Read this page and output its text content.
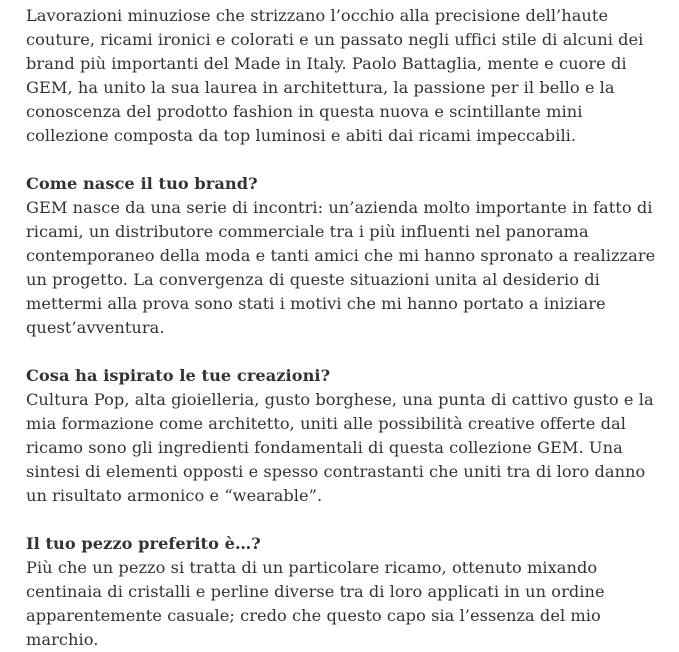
Lavorazioni minuziose che strizzano l’occhio alla precisione dell’haute couture, ricami ironici e colorati e un passato negli uffici stile di alcuni dei brand più importanti del Made in Italy. Paolo Battaglia, mente e cuore di GEM, ha unito la sua laurea in architettura, la passione per il bello e la conoscenza del prodotto fashion in questa nuova e scintillante mini collezione composta da top luminosi e abiti dai ricami impeccabili.

Come nasce il tuo brand?
GEM nasce da una serie di incontri: un’azienda molto importante in fatto di ricami, un distributore commerciale tra i più influenti nel panorama contemporaneo della moda e tanti amici che mi hanno spronato a realizzare un progetto. La convergenza di queste situazioni unita al desiderio di mettermi alla prova sono stati i motivi che mi hanno portato a iniziare quest’avventura.

Cosa ha ispirato le tue creazioni?
Cultura Pop, alta gioielleria, gusto borghese, una punta di cattivo gusto e la mia formazione come architetto, uniti alle possibilità creative offerte dal ricamo sono gli ingredienti fondamentali di questa collezione GEM. Una sintesi di elementi opposti e spesso contrastanti che uniti tra di loro danno un risultato armonico e “wearable”.

Il tuo pezzo preferito è…?
Più che un pezzo si tratta di un particolare ricamo, ottenuto mixando centinaia di cristalli e perline diverse tra di loro applicati in un ordine apparentemente casuale; credo che questo capo sia l’essenza del mio marchio.
